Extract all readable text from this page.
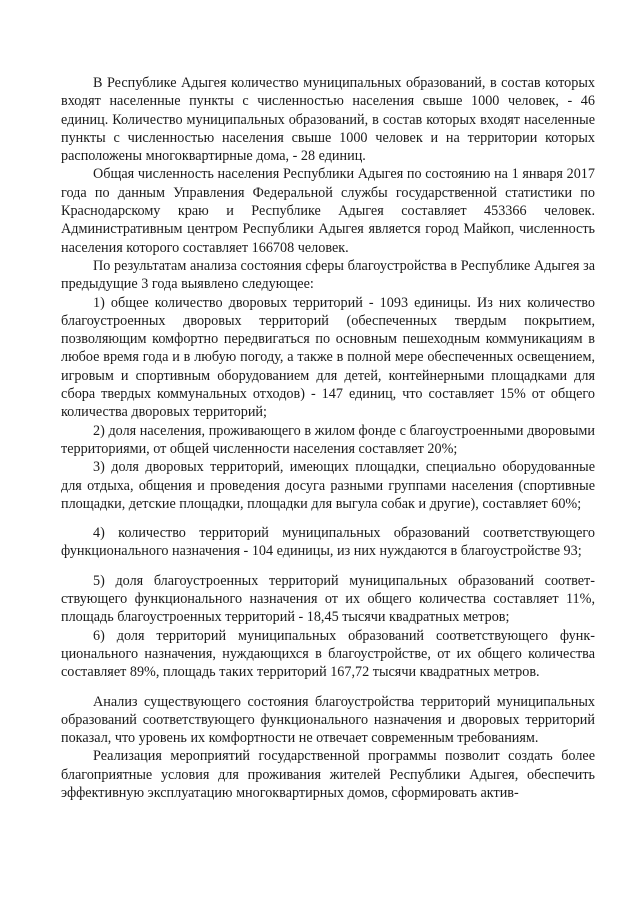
В Республике Адыгея количество муниципальных образований, в состав которых входят населенные пункты с численностью населения свыше 1000 человек, - 46 единиц. Количество муниципальных образований, в состав которых входят населенные пункты с численностью населения свыше 1000 человек и на территории которых расположены многоквартирные дома, - 28 единиц.

Общая численность населения Республики Адыгея по состоянию на 1 января 2017 года по данным Управления Федеральной службы государственной статистики по Краснодарскому краю и Республике Адыгея составляет 453366 человек. Административным центром Республики Адыгея является город Майкоп, численность населения которого составляет 166708 человек.

По результатам анализа состояния сферы благоустройства в Республике Адыгея за предыдущие 3 года выявлено следующее:

1) общее количество дворовых территорий - 1093 единицы. Из них количество благоустроенных дворовых территорий (обеспеченных твердым покрытием, позволяющим комфортно передвигаться по основным пешеходным коммуникациям в любое время года и в любую погоду, а также в полной мере обеспеченных освещением, игровым и спортивным оборудованием для детей, контейнерными площадками для сбора твердых коммунальных отходов) - 147 единиц, что составляет 15% от общего количества дворовых территорий;

2) доля населения, проживающего в жилом фонде с благоустроенными дворовыми территориями, от общей численности населения составляет 20%;

3) доля дворовых территорий, имеющих площадки, специально оборудованные для отдыха, общения и проведения досуга разными группами населения (спортивные площадки, детские площадки, площадки для выгула собак и другие), составляет 60%;

4) количество территорий муниципальных образований соответствующего функционального назначения - 104 единицы, из них нуждаются в благоустройстве 93;

5) доля благоустроенных территорий муниципальных образований соответствующего функционального назначения от их общего количества составляет 11%, площадь благоустроенных территорий - 18,45 тысячи квадратных метров;

6) доля территорий муниципальных образований соответствующего функционального назначения, нуждающихся в благоустройстве, от их общего количества составляет 89%, площадь таких территорий 167,72 тысячи квадратных метров.

Анализ существующего состояния благоустройства территорий муниципальных образований соответствующего функционального назначения и дворовых территорий показал, что уровень их комфортности не отвечает современным требованиям.

Реализация мероприятий государственной программы позволит создать более благоприятные условия для проживания жителей Республики Адыгея, обеспечить эффективную эксплуатацию многоквартирных домов, сформировать актив-
